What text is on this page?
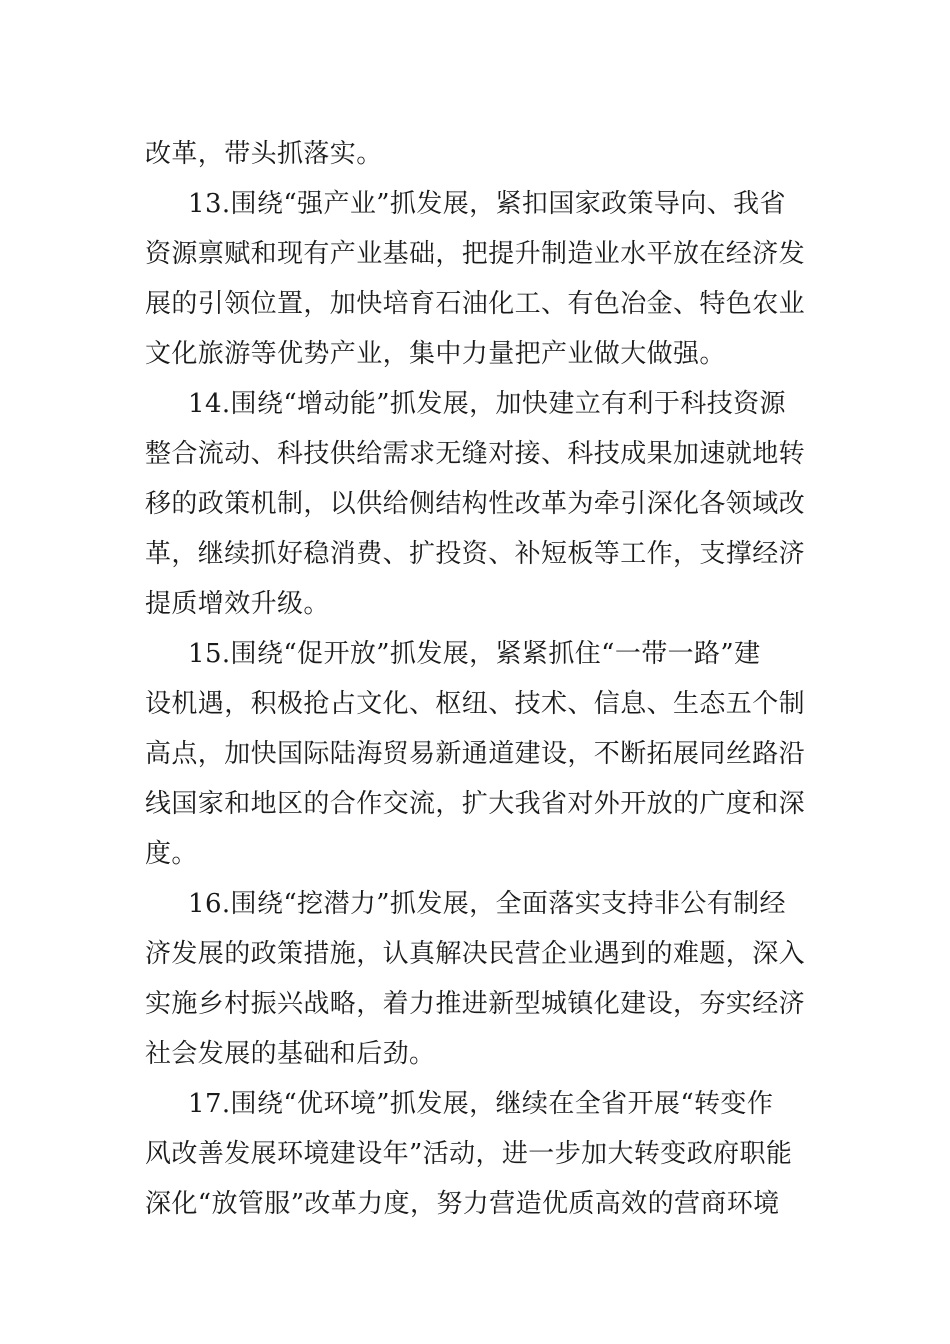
改革，带头抓落实。
13.围绕“强产业”抓发展，紧扣国家政策导向、我省
资源禀赋和现有产业基础，把提升制造业水平放在经济发
展的引领位置，加快培育石油化工、有色冶金、特色农业
文化旅游等优势产业，集中力量把产业做大做强。
14.围绕“增动能”抓发展，加快建立有利于科技资源
整合流动、科技供给需求无缝对接、科技成果加速就地转
移的政策机制，以供给侧结构性改革为牵引深化各领域改
革，继续抓好稳消费、扩投资、补短板等工作，支撑经济
提质增效升级。
15.围绕“促开放”抓发展，紧紧抓住“一带一路”建
设机遇，积极抢占文化、枢纽、技术、信息、生态五个制
高点，加快国际陆海贸易新通道建设，不断拓展同丝路沿
线国家和地区的合作交流，扩大我省对外开放的广度和深
度。
16.围绕“挖潜力”抓发展，全面落实支持非公有制经
济发展的政策措施，认真解决民营企业遇到的难题，深入
实施乡村振兴战略，着力推进新型城镇化建设，夯实经济
社会发展的基础和后劲。
17.围绕“优环境”抓发展，继续在全省开展“转变作
风改善发展环境建设年”活动，进一步加大转变政府职能
深化“放管服”改革力度，努力营造优质高效的营商环境
